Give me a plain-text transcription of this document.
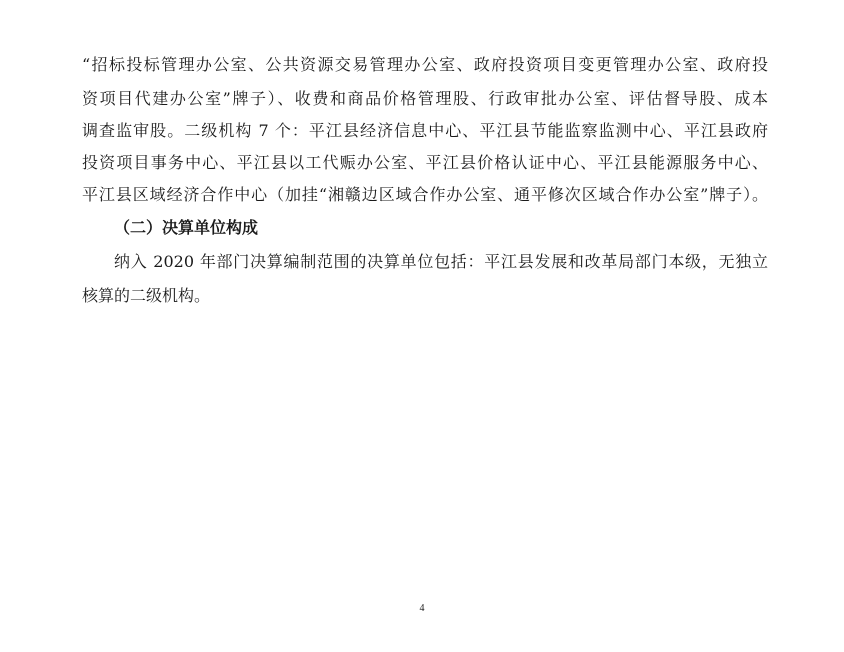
“招标投标管理办公室、公共资源交易管理办公室、政府投资项目变更管理办公室、政府投
资项目代建办公室”牌子）、收费和商品价格管理股、行政审批办公室、评估督导股、成本
调查监审股。二级机构 7 个：平江县经济信息中心、平江县节能监察监测中心、平江县政府
投资项目事务中心、平江县以工代赈办公室、平江县价格认证中心、平江县能源服务中心、
平江县区域经济合作中心（加挂“湘赣边区域合作办公室、通平修次区域合作办公室”牌子）。
（二）决算单位构成
纳入 2020 年部门决算编制范围的决算单位包括：平江县发展和改革局部门本级，无独立
核算的二级机构。
4
